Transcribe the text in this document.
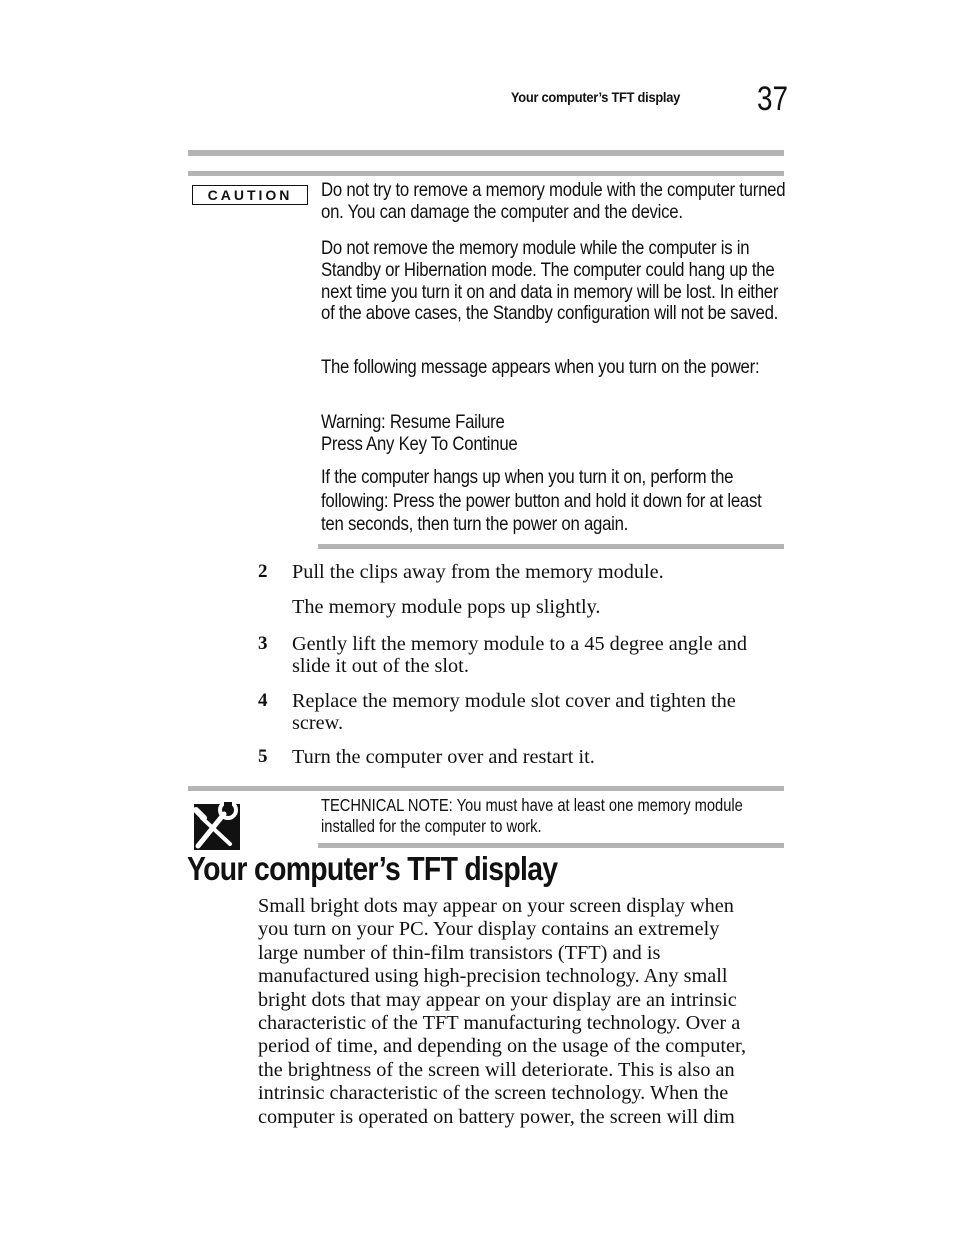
Your computer’s TFT display 37
CAUTION	Do not try to remove a memory module with the computer turned on. You can damage the computer and the device.

Do not remove the memory module while the computer is in Standby or Hibernation mode. The computer could hang up the next time you turn it on and data in memory will be lost. In either of the above cases, the Standby configuration will not be saved.

The following message appears when you turn on the power:

Warning: Resume Failure

Press Any Key To Continue

If the computer hangs up when you turn it on, perform the following: Press the power button and hold it down for at least ten seconds, then turn the power on again.

2 Pull the clips away from the memory module.
The memory module pops up slightly.
3 Gently lift the memory module to a 45 degree angle and slide it out of the slot.
4 Replace the memory module slot cover and tighten the screw.
5 Turn the computer over and restart it.
TECHNICAL NOTE: You must have at least one memory module installed for the computer to work.
Your computer’s TFT display
Small bright dots may appear on your screen display when
you turn on your PC. Your display contains an extremely
large number of thin-film transistors (TFT) and is
manufactured using high-precision technology. Any small
bright dots that may appear on your display are an intrinsic
characteristic of the TFT manufacturing technology. Over a
period of time, and depending on the usage of the computer,
the brightness of the screen will deteriorate. This is also an
intrinsic characteristic of the screen technology. When the
computer is operated on battery power, the screen will dim
